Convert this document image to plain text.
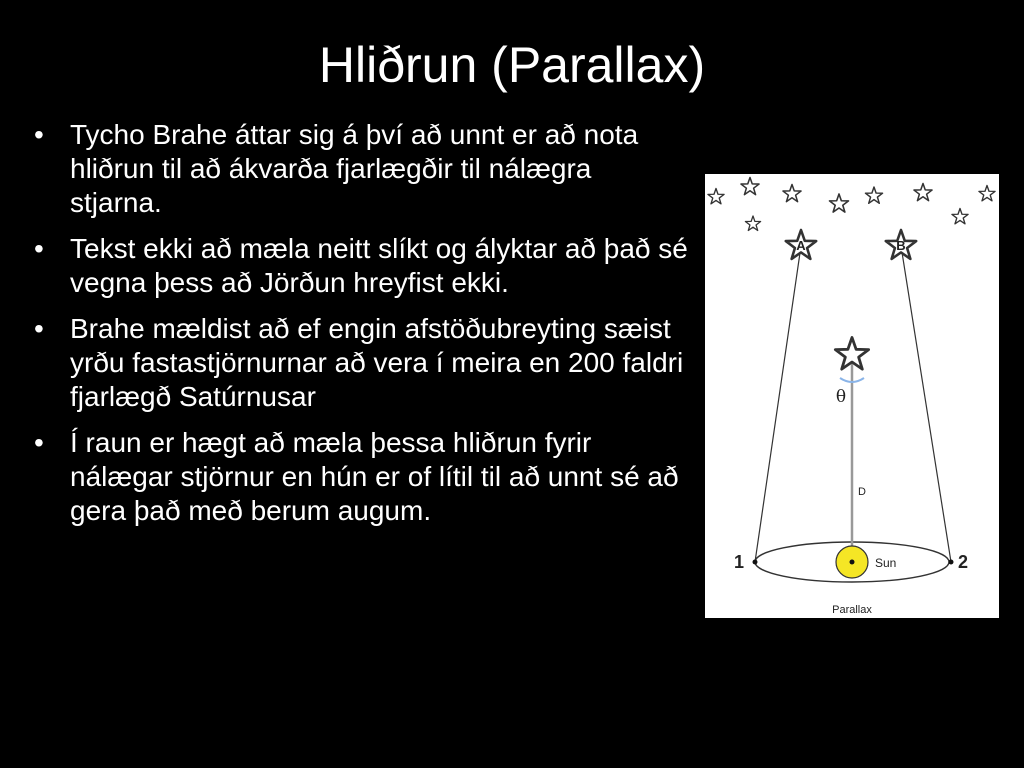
Hliðrun (Parallax)
• Tycho Brahe áttar sig á því að unnt er að nota hliðrun til að ákvarða fjarlægðir til nálægra stjarna.
• Tekst ekki að mæla neitt slíkt og ályktar að það sé vegna þess að Jörðun hreyfist ekki.
• Brahe mældist að ef engin afstöðubreyting sæist yrðu fastastjörnurnar að vera í meira en 200 faldri fjarlægð Satúrnusar
• Í raun er hægt að mæla þessa hliðrun fyrir nálægar stjörnur en hún er of lítil til að unnt sé að gera það með berum augum.
A	B
θ
D
Sun
1	2
Parallax
